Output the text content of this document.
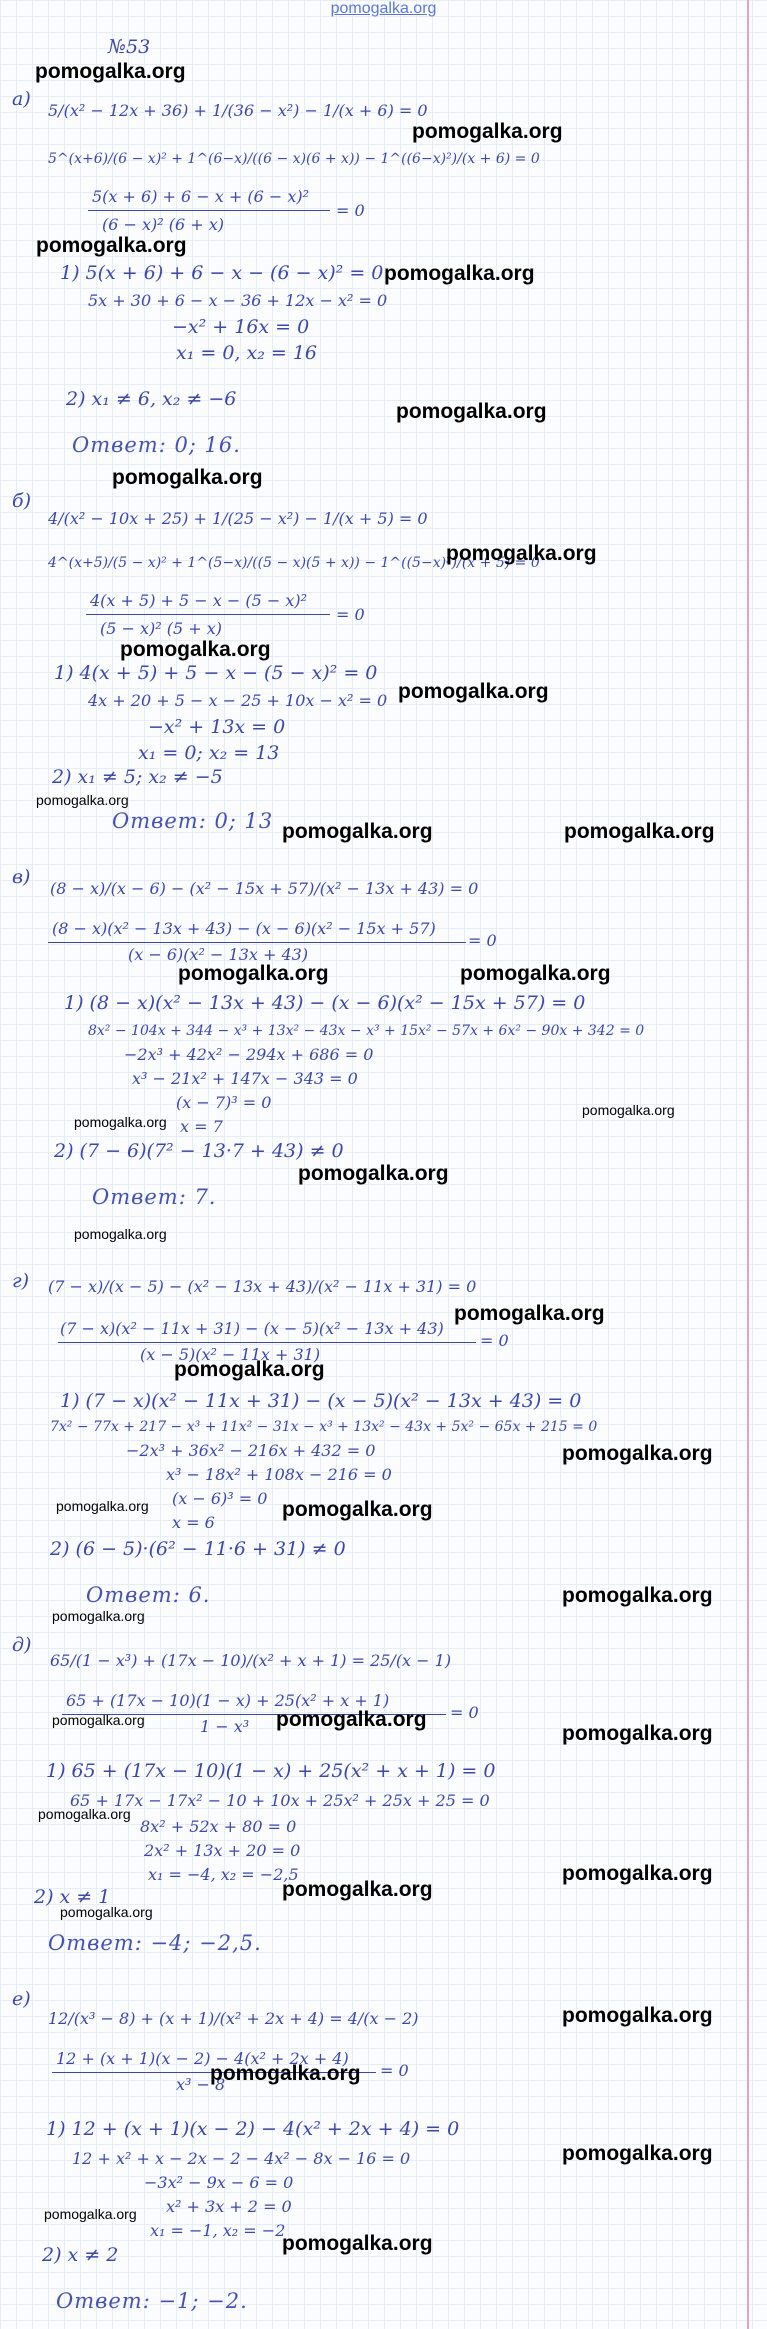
pomogalka.org
№53
а)
5/(x² − 12x + 36) + 1/(36 − x²) − 1/(x + 6) = 0
5^(x+6)/(6 − x)² + 1^(6−x)/((6 − x)(6 + x)) − 1^((6−x)²)/(x + 6) = 0
5(x + 6) + 6 − x + (6 − x)²
(6 − x)² (6 + x)
= 0
1) 5(x + 6) + 6 − x − (6 − x)² = 0
5x + 30 + 6 − x − 36 + 12x − x² = 0
−x² + 16x = 0
x₁ = 0, x₂ = 16
2) x₁ ≠ 6, x₂ ≠ −6
Ответ: 0; 16.
б)
4/(x² − 10x + 25) + 1/(25 − x²) − 1/(x + 5) = 0
4^(x+5)/(5 − x)² + 1^(5−x)/((5 − x)(5 + x)) − 1^((5−x)²)/(x + 5) = 0
4(x + 5) + 5 − x − (5 − x)²
(5 − x)² (5 + x)
= 0
1) 4(x + 5) + 5 − x − (5 − x)² = 0
4x + 20 + 5 − x − 25 + 10x − x² = 0
−x² + 13x = 0
x₁ = 0; x₂ = 13
2) x₁ ≠ 5; x₂ ≠ −5
Ответ: 0; 13
в)
(8 − x)/(x − 6) − (x² − 15x + 57)/(x² − 13x + 43) = 0
(8 − x)(x² − 13x + 43) − (x − 6)(x² − 15x + 57)
(x − 6)(x² − 13x + 43)
= 0
1) (8 − x)(x² − 13x + 43) − (x − 6)(x² − 15x + 57) = 0
8x² − 104x + 344 − x³ + 13x² − 43x − x³ + 15x² − 57x + 6x² − 90x + 342 = 0
−2x³ + 42x² − 294x + 686 = 0
x³ − 21x² + 147x − 343 = 0
(x − 7)³ = 0
x = 7
2) (7 − 6)(7² − 13·7 + 43) ≠ 0
Ответ: 7.
г) (7 − x)/(x − 5) − (x² − 13x + 43)/(x² − 11x + 31) = 0
(7 − x)(x² − 11x + 31) − (x − 5)(x² − 13x + 43)
(x − 5)(x² − 11x + 31)
= 0
1) (7 − x)(x² − 11x + 31) − (x − 5)(x² − 13x + 43) = 0
7x² − 77x + 217 − x³ + 11x² − 31x − x³ + 13x² − 43x + 5x² − 65x + 215 = 0
−2x³ + 36x² − 216x + 432 = 0
x³ − 18x² + 108x − 216 = 0
(x − 6)³ = 0
x = 6
2) (6 − 5)·(6² − 11·6 + 31) ≠ 0
Ответ: 6.
д)
65/(1 − x³) + (17x − 10)/(x² + x + 1) = 25/(x − 1)
65 + (17x − 10)(1 − x) + 25(x² + x + 1)
1 − x³
= 0
1) 65 + (17x − 10)(1 − x) + 25(x² + x + 1) = 0
65 + 17x − 17x² − 10 + 10x + 25x² + 25x + 25 = 0
8x² + 52x + 80 = 0
2x² + 13x + 20 = 0
x₁ = −4, x₂ = −2,5
2) x ≠ 1
Ответ: −4; −2,5.
е)
12/(x³ − 8) + (x + 1)/(x² + 2x + 4) = 4/(x − 2)
12 + (x + 1)(x − 2) − 4(x² + 2x + 4)
x³ − 8
= 0
1) 12 + (x + 1)(x − 2) − 4(x² + 2x + 4) = 0
12 + x² + x − 2x − 2 − 4x² − 8x − 16 = 0
−3x² − 9x − 6 = 0
x² + 3x + 2 = 0
x₁ = −1, x₂ = −2
2) x ≠ 2
Ответ: −1; −2.
pomogalka.org
pomogalka.org
pomogalka.org
pomogalka.org
pomogalka.org
pomogalka.org
pomogalka.org
pomogalka.org
pomogalka.org
pomogalka.org
pomogalka.org	pomogalka.org
pomogalka.org	pomogalka.org
pomogalka.org
pomogalka.org
pomogalka.org
pomogalka.org
pomogalka.org
pomogalka.org
pomogalka.org
pomogalka.org	pomogalka.org
pomogalka.org
pomogalka.org
pomogalka.org	pomogalka.org
pomogalka.org
pomogalka.org
pomogalka.org
pomogalka.org
pomogalka.org
pomogalka.org
pomogalka.org
pomogalka.org
pomogalka.org
pomogalka.org
